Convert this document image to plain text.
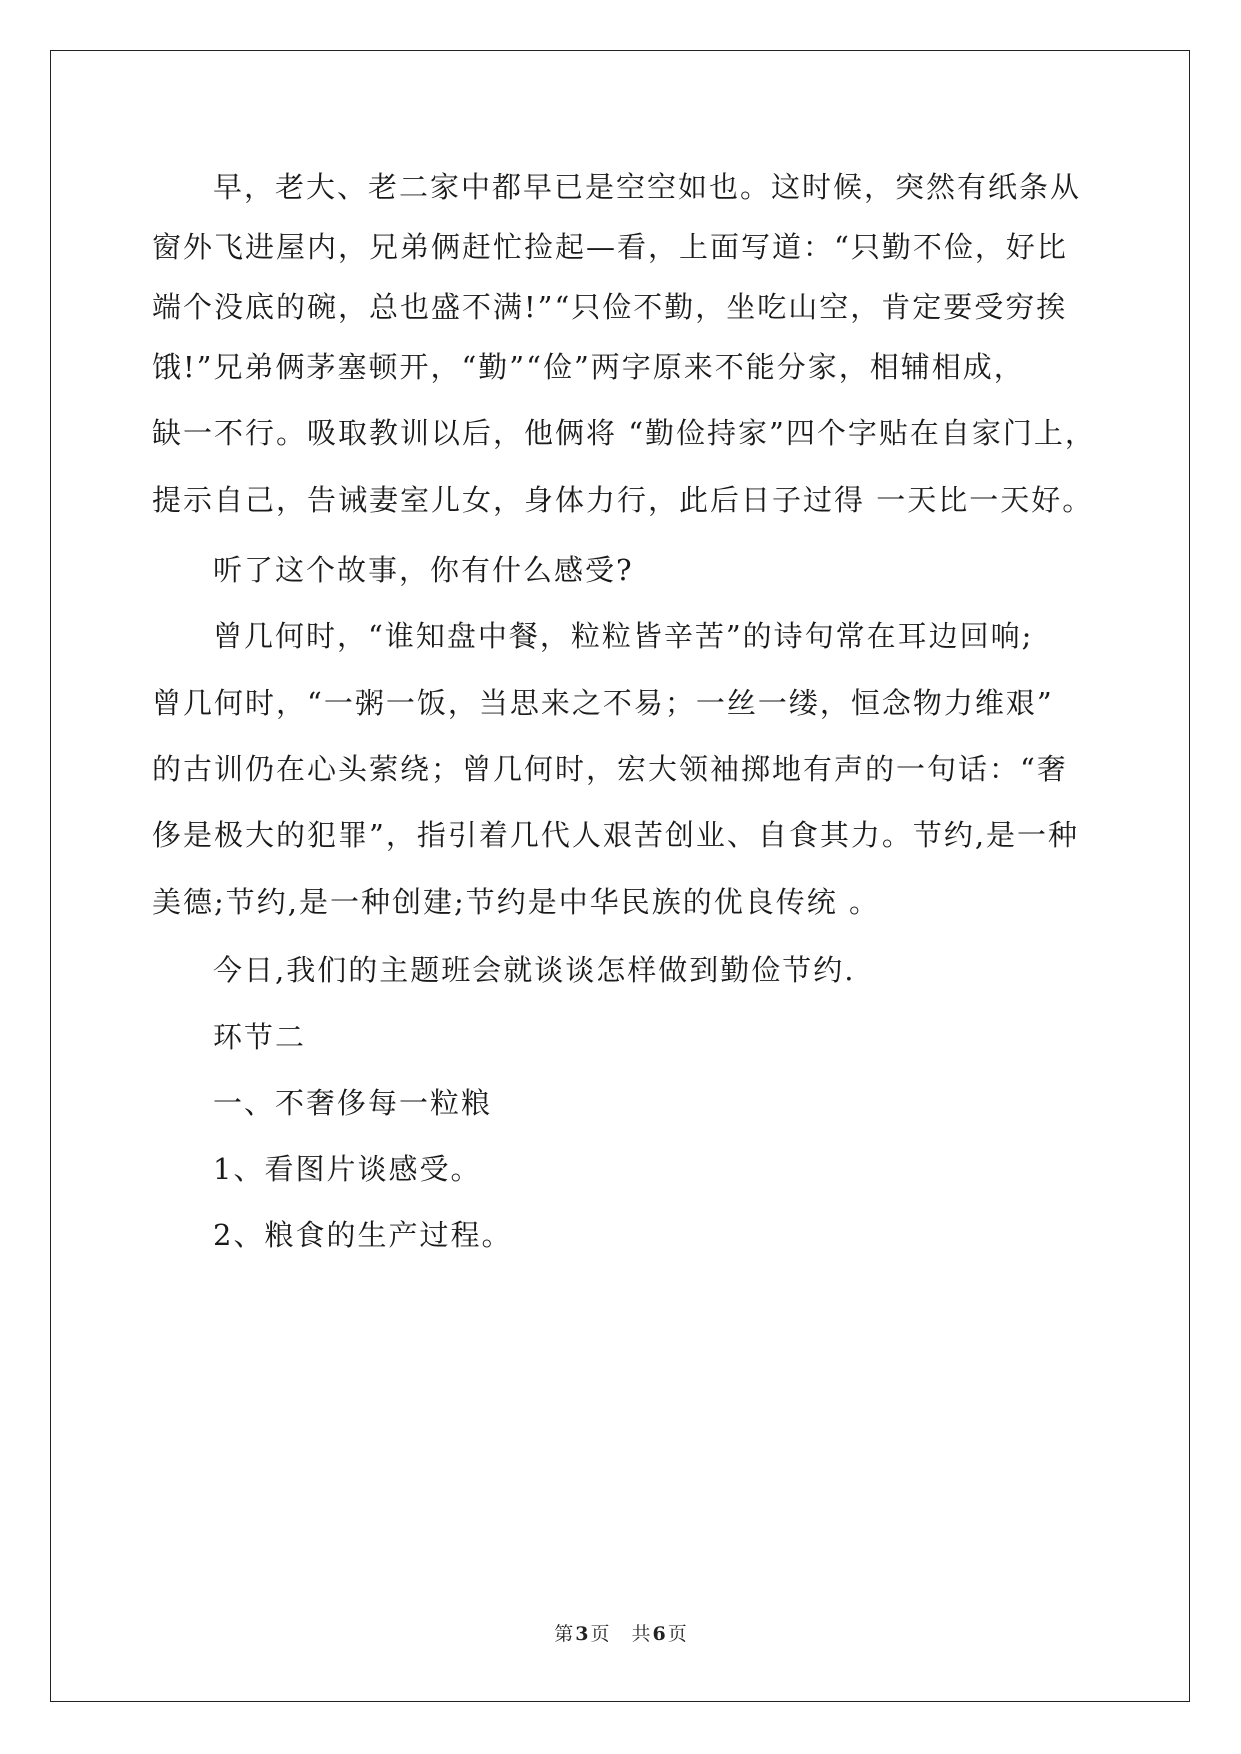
早，老大、老二家中都早已是空空如也。这时候，突然有纸条从
窗外飞进屋内，兄弟俩赶忙捡起—看，上面写道：“只勤不俭，好比
端个没底的碗，总也盛不满!”“只俭不勤，坐吃山空，肯定要受穷挨
饿!”兄弟俩茅塞顿开，“勤”“俭”两字原来不能分家，相辅相成，
缺一不行。吸取教训以后，他俩将 “勤俭持家”四个字贴在自家门上，
提示自己，告诫妻室儿女，身体力行，此后日子过得 一天比一天好。
听了这个故事，你有什么感受?
曾几何时，“谁知盘中餐，粒粒皆辛苦”的诗句常在耳边回响;
曾几何时，“一粥一饭，当思来之不易；一丝一缕，恒念物力维艰”
的古训仍在心头萦绕；曾几何时，宏大领袖掷地有声的一句话：“奢
侈是极大的犯罪”，指引着几代人艰苦创业、自食其力。节约,是一种
美德;节约,是一种创建;节约是中华民族的优良传统 。
今日,我们的主题班会就谈谈怎样做到勤俭节约.
环节二
一、不奢侈每一粒粮
1、看图片谈感受。
2、粮食的生产过程。
第 3 页 共 6 页
